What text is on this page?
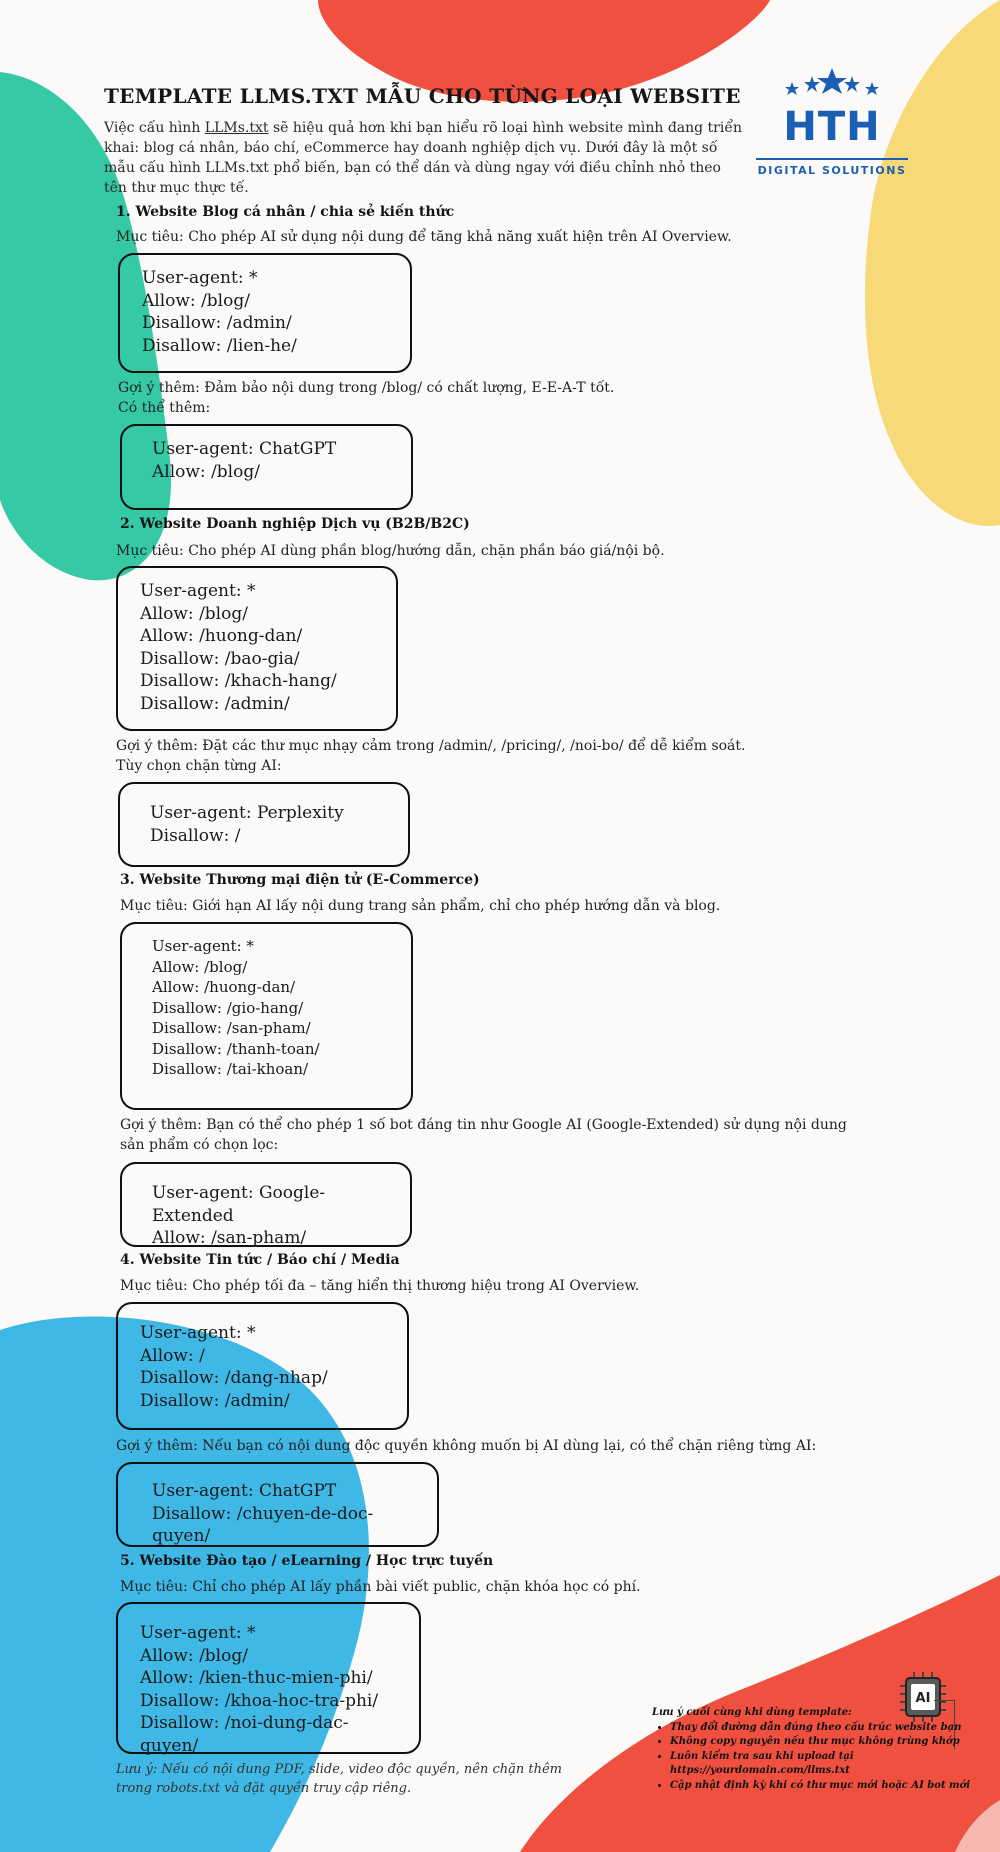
HTH
DIGITAL SOLUTIONS
TEMPLATE LLMS.TXT MẪU CHO TỪNG LOẠI WEBSITE
Việc cấu hình LLMs.txt sẽ hiệu quả hơn khi bạn hiểu rõ loại hình website mình đang triển khai: blog cá nhân, báo chí, eCommerce hay doanh nghiệp dịch vụ. Dưới đây là một số mẫu cấu hình LLMs.txt phổ biến, bạn có thể dán và dùng ngay với điều chỉnh nhỏ theo tên thư mục thực tế.
1. Website Blog cá nhân / chia sẻ kiến thức
Mục tiêu: Cho phép AI sử dụng nội dung để tăng khả năng xuất hiện trên AI Overview.
User-agent: *
Allow: /blog/
Disallow: /admin/
Disallow: /lien-he/
Gợi ý thêm: Đảm bảo nội dung trong /blog/ có chất lượng, E-E-A-T tốt.
Có thể thêm:
User-agent: ChatGPT
Allow: /blog/
2. Website Doanh nghiệp Dịch vụ (B2B/B2C)
Mục tiêu: Cho phép AI dùng phần blog/hướng dẫn, chặn phần báo giá/nội bộ.
User-agent: *
Allow: /blog/
Allow: /huong-dan/
Disallow: /bao-gia/
Disallow: /khach-hang/
Disallow: /admin/
Gợi ý thêm: Đặt các thư mục nhạy cảm trong /admin/, /pricing/, /noi-bo/ để dễ kiểm soát.
Tùy chọn chặn từng AI:
User-agent: Perplexity
Disallow: /
3. Website Thương mại điện tử (E-Commerce)
Mục tiêu: Giới hạn AI lấy nội dung trang sản phẩm, chỉ cho phép hướng dẫn và blog.
User-agent: *
Allow: /blog/
Allow: /huong-dan/
Disallow: /gio-hang/
Disallow: /san-pham/
Disallow: /thanh-toan/
Disallow: /tai-khoan/
Gợi ý thêm: Bạn có thể cho phép 1 số bot đáng tin như Google AI (Google-Extended) sử dụng nội dung sản phẩm có chọn lọc:
User-agent: Google-Extended
Allow: /san-pham/
4. Website Tin tức / Báo chí / Media
Mục tiêu: Cho phép tối đa – tăng hiển thị thương hiệu trong AI Overview.
User-agent: *
Allow: /
Disallow: /dang-nhap/
Disallow: /admin/
Gợi ý thêm: Nếu bạn có nội dung độc quyền không muốn bị AI dùng lại, có thể chặn riêng từng AI:
User-agent: ChatGPT
Disallow: /chuyen-de-doc-quyen/
5. Website Đào tạo / eLearning / Học trực tuyến
Mục tiêu: Chỉ cho phép AI lấy phần bài viết public, chặn khóa học có phí.
User-agent: *
Allow: /blog/
Allow: /kien-thuc-mien-phi/
Disallow: /khoa-hoc-tra-phi/
Disallow: /noi-dung-dac-quyen/
Lưu ý: Nếu có nội dung PDF, slide, video độc quyền, nên chặn thêm trong robots.txt và đặt quyền truy cập riêng.
AI
Lưu ý cuối cùng khi dùng template:
• Thay đổi đường dẫn đúng theo cấu trúc website bạn
• Không copy nguyên nếu thư mục không trùng khớp
• Luôn kiểm tra sau khi upload tại https://yourdomain.com/llms.txt
• Cập nhật định kỳ khi có thư mục mới hoặc AI bot mới
